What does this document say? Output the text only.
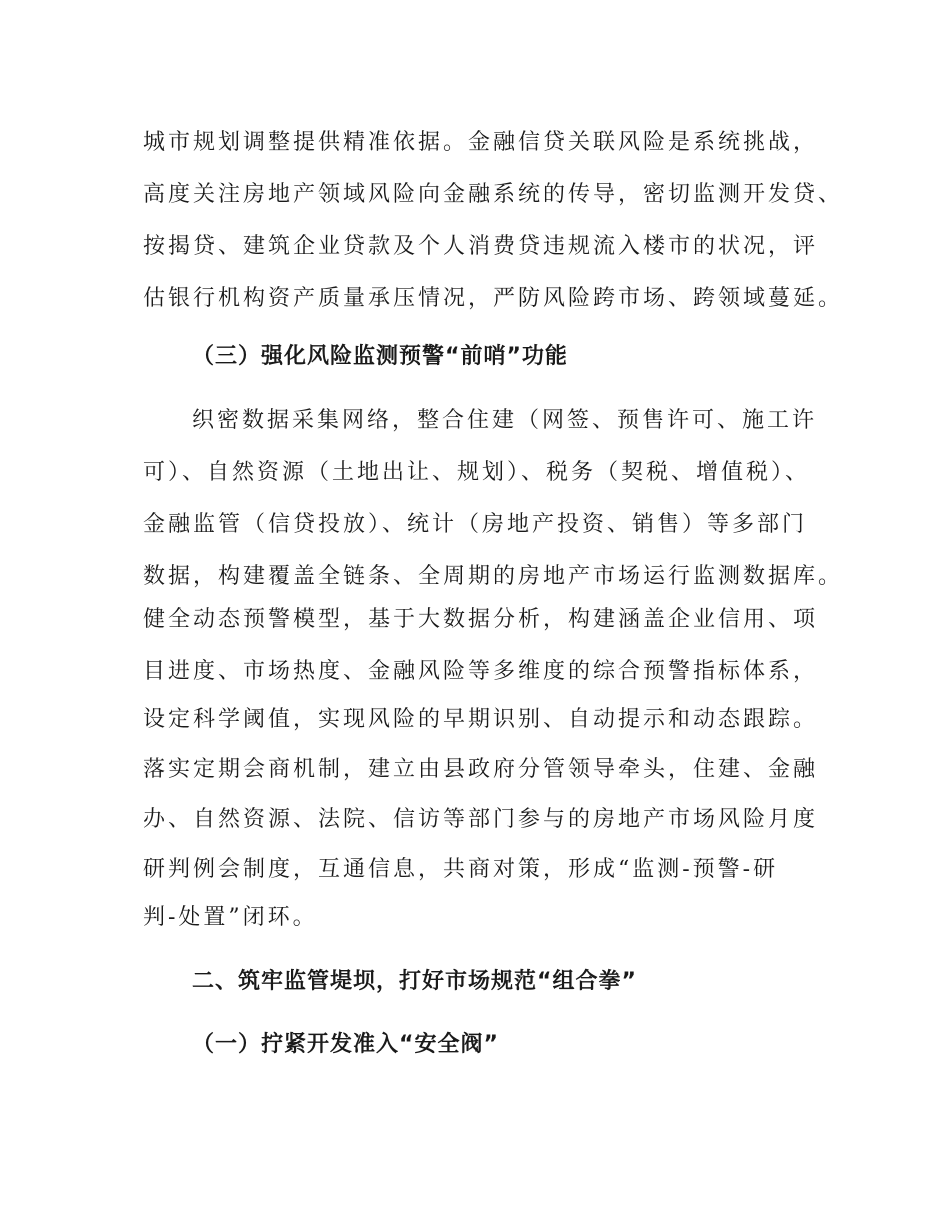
城市规划调整提供精准依据。金融信贷关联风险是系统挑战，
高度关注房地产领域风险向金融系统的传导，密切监测开发贷、
按揭贷、建筑企业贷款及个人消费贷违规流入楼市的状况，评
估银行机构资产质量承压情况，严防风险跨市场、跨领域蔓延。
（三）强化风险监测预警“前哨”功能
织密数据采集网络，整合住建（网签、预售许可、施工许
可）、自然资源（土地出让、规划）、税务（契税、增值税）、
金融监管（信贷投放）、统计（房地产投资、销售）等多部门
数据，构建覆盖全链条、全周期的房地产市场运行监测数据库。
健全动态预警模型，基于大数据分析，构建涵盖企业信用、项
目进度、市场热度、金融风险等多维度的综合预警指标体系，
设定科学阈值，实现风险的早期识别、自动提示和动态跟踪。
落实定期会商机制，建立由县政府分管领导牵头，住建、金融
办、自然资源、法院、信访等部门参与的房地产市场风险月度
研判例会制度，互通信息，共商对策，形成“监测-预警-研
判-处置”闭环。
二、筑牢监管堤坝，打好市场规范“组合拳”
（一）拧紧开发准入“安全阀”
